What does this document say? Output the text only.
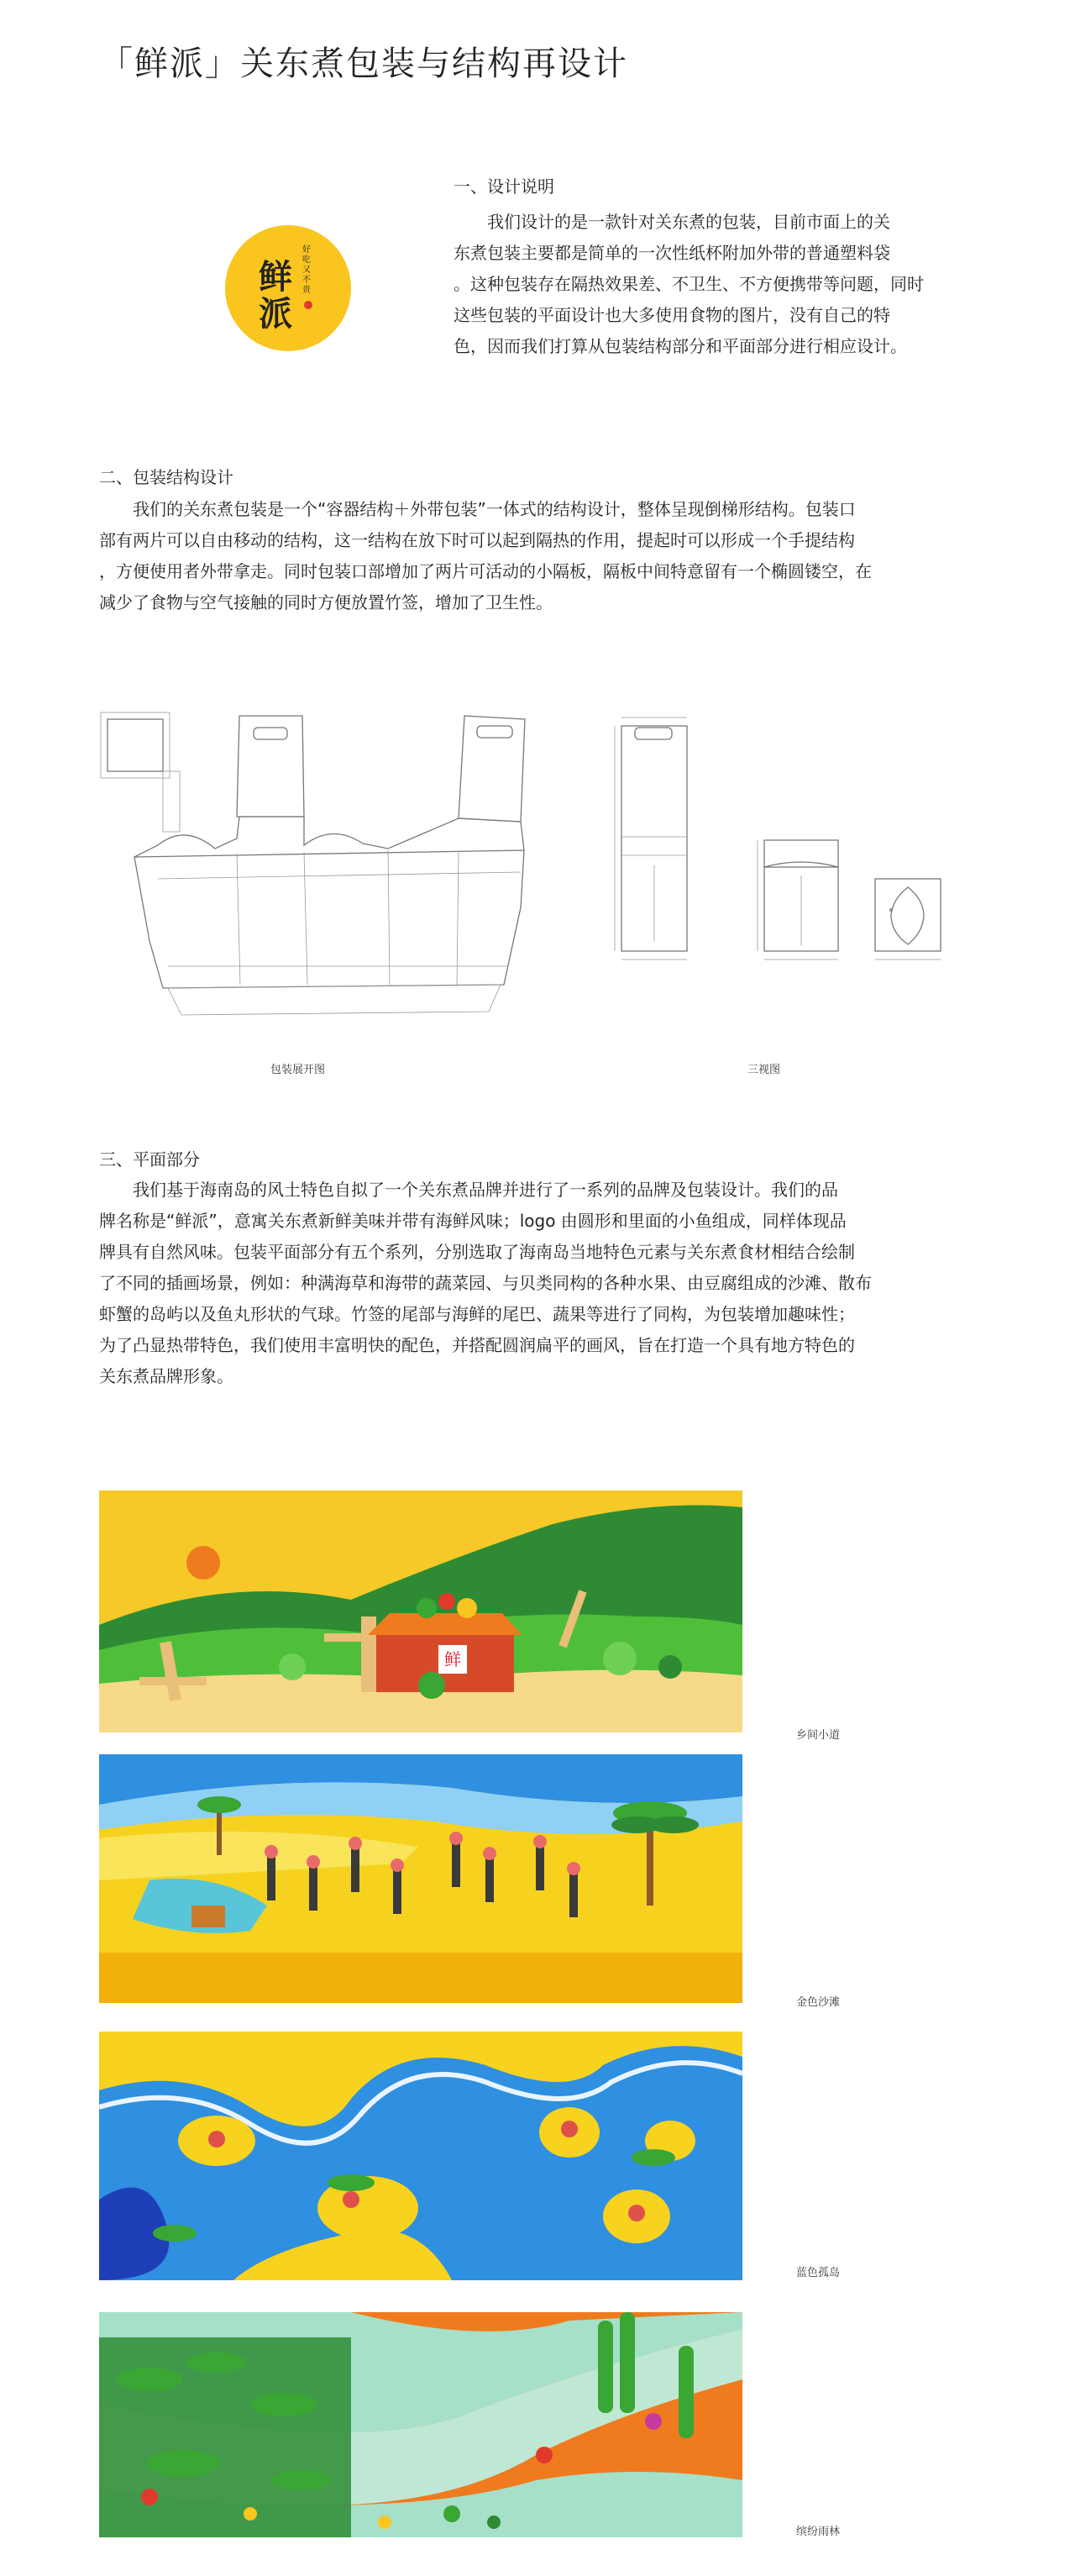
「鲜派」关东煮包装与结构再设计
鲜派
好吃又不贵
一、设计说明

我们设计的是一款针对关东煮的包装，目前市面上的关

东煮包装主要都是简单的一次性纸杯附加外带的普通塑料袋

。这种包装存在隔热效果差、不卫生、不方便携带等问题，同时

这些包装的平面设计也大多使用食物的图片，没有自己的特

色，因而我们打算从包装结构部分和平面部分进行相应设计。

二、包装结构设计

我们的关东煮包装是一个“容器结构＋外带包装”一体式的结构设计，整体呈现倒梯形结构。包装口

部有两片可以自由移动的结构，这一结构在放下时可以起到隔热的作用，提起时可以形成一个手提结构

，方便使用者外带拿走。同时包装口部增加了两片可活动的小隔板，隔板中间特意留有一个椭圆镂空，在

减少了食物与空气接触的同时方便放置竹签，增加了卫生性。

包装展开图	三视图
三、平面部分

我们基于海南岛的风土特色自拟了一个关东煮品牌并进行了一系列的品牌及包装设计。我们的品

牌名称是“鲜派”，意寓关东煮新鲜美味并带有海鲜风味；logo 由圆形和里面的小鱼组成，同样体现品

牌具有自然风味。包装平面部分有五个系列，分别选取了海南岛当地特色元素与关东煮食材相结合绘制

了不同的插画场景，例如：种满海草和海带的蔬菜园、与贝类同构的各种水果、由豆腐组成的沙滩、散布

虾蟹的岛屿以及鱼丸形状的气球。竹签的尾部与海鲜的尾巴、蔬果等进行了同构，为包装增加趣味性；

为了凸显热带特色，我们使用丰富明快的配色，并搭配圆润扁平的画风，旨在打造一个具有地方特色的

关东煮品牌形象。

鲜
乡间小道
金色沙滩
蓝色孤岛
缤纷雨林
